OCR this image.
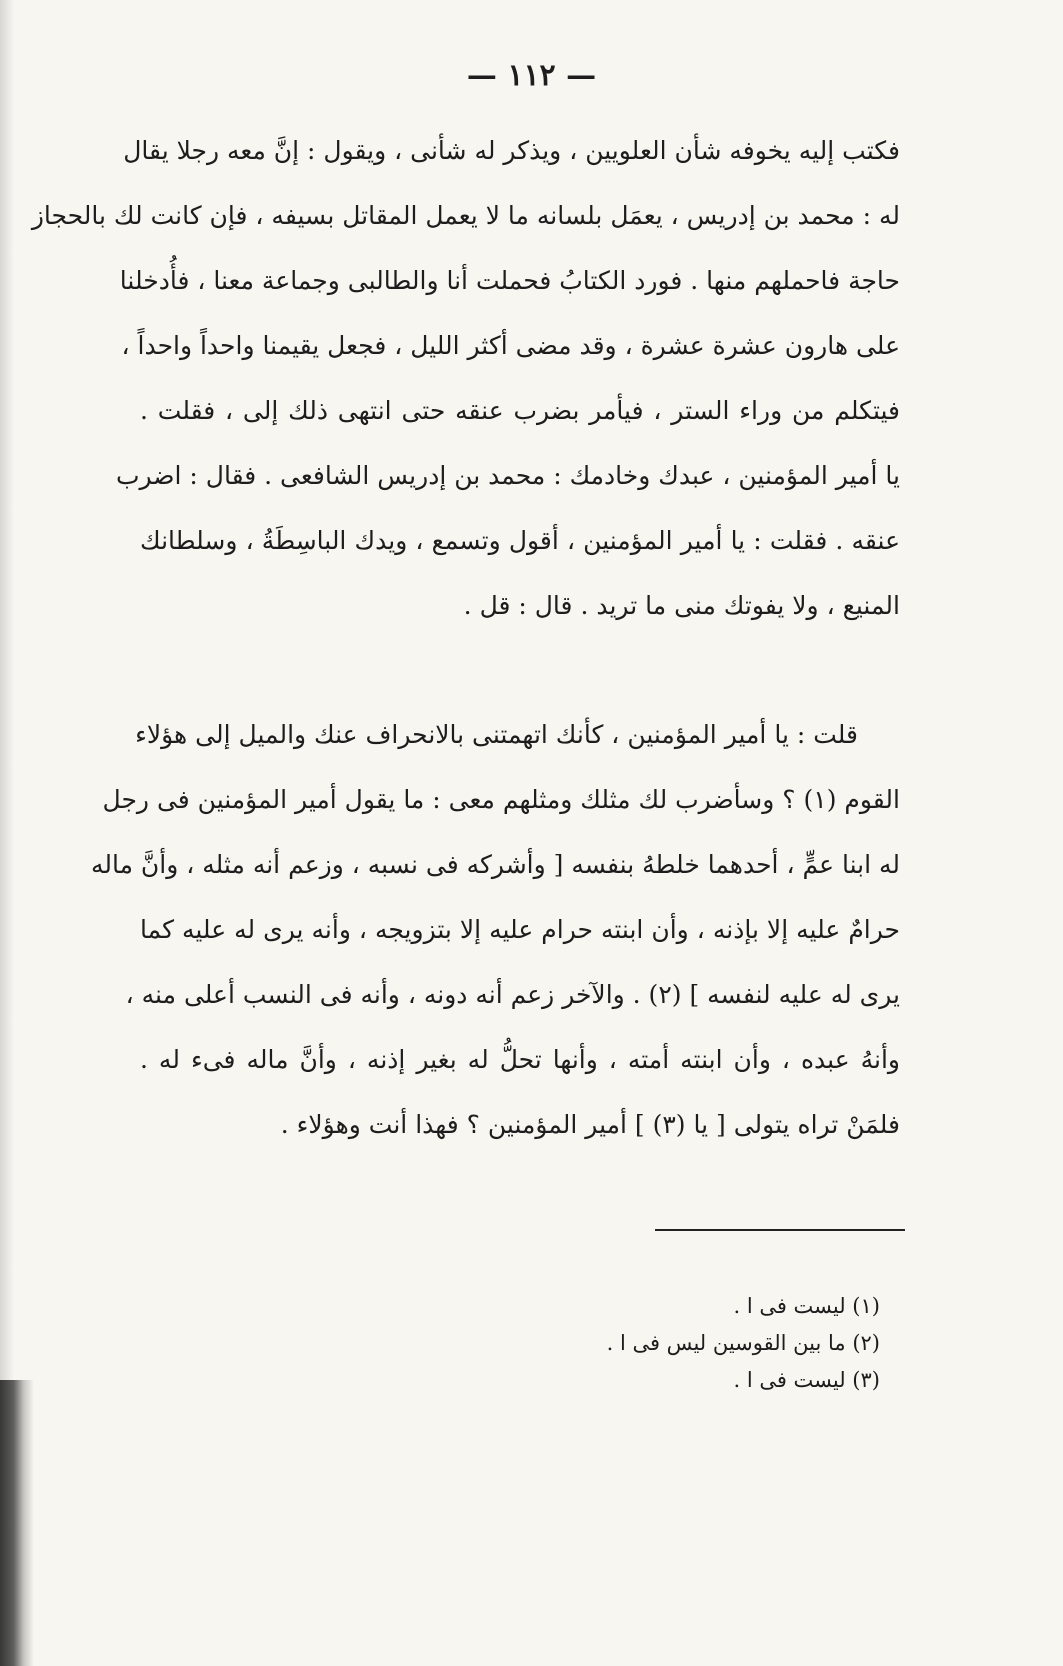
— ١١٢ —
فكتب إليه يخوفه شأن العلويين ، ويذكر له شأنى ، ويقول : إنَّ معه رجلا يقال
له : محمد بن إدريس ، يعمَل بلسانه ما لا يعمل المقاتل بسيفه ، فإن كانت لك بالحجاز
حاجة فاحملهم منها . فورد الكتابُ فحملت أنا والطالبى وجماعة معنا ، فأُدخلنا
على هارون عشرة عشرة ، وقد مضى أكثر الليل ، فجعل يقيمنا واحداً واحداً ،
فيتكلم من وراء الستر ، فيأمر بضرب عنقه حتى انتهى ذلك إلى ، فقلت .
يا أمير المؤمنين ، عبدك وخادمك : محمد بن إدريس الشافعى . فقال : اضرب
عنقه . فقلت : يا أمير المؤمنين ، أقول وتسمع ، ويدك الباسِطَةُ ، وسلطانك
المنيع ، ولا يفوتك منى ما تريد . قال : قل .
قلت : يا أمير المؤمنين ، كأنك اتهمتنى بالانحراف عنك والميل إلى هؤلاء
القوم (١) ؟ وسأضرب لك مثلك ومثلهم معى : ما يقول أمير المؤمنين فى رجل
له ابنا عمٍّ ، أحدهما خلطهُ بنفسه [ وأشركه فى نسبه ، وزعم أنه مثله ، وأنَّ ماله
حرامٌ عليه إلا بإذنه ، وأن ابنته حرام عليه إلا بتزويجه ، وأنه يرى له عليه كما
يرى له عليه لنفسه ] (٢) . والآخر زعم أنه دونه ، وأنه فى النسب أعلى منه ،
وأنهُ عبده ، وأن ابنته أمته ، وأنها تحلُّ له بغير إذنه ، وأنَّ ماله فىء له .
فلمَنْ تراه يتولى [ يا (٣) ] أمير المؤمنين ؟ فهذا أنت وهؤلاء .
(١) ليست فى ا .
(٢) ما بين القوسين ليس فى ا .
(٣) ليست فى ا .
